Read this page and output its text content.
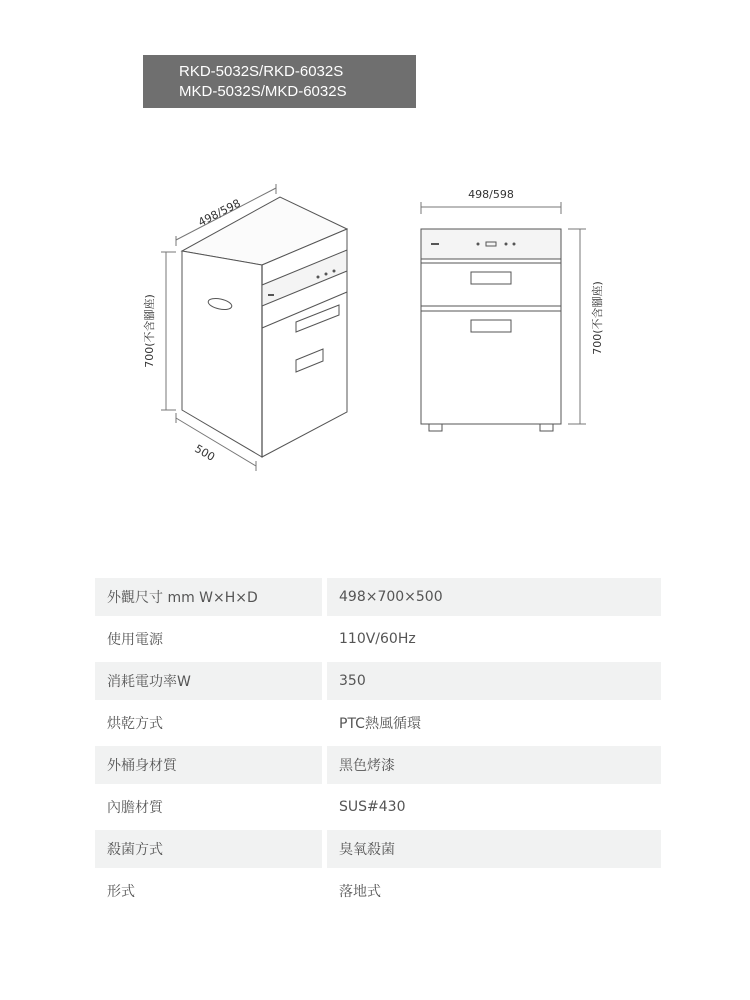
RKD-5032S/RKD-6032S
MKD-5032S/MKD-6032S
498/598
700(不含腳座)
500
498/598
700(不含腳座)
外觀尺寸 mm W×H×D		498×700×500
使用電源		110V/60Hz
消耗電功率W		350
烘乾方式		PTC熱風循環
外桶身材質		黑色烤漆
內膽材質		SUS#430
殺菌方式		臭氧殺菌
形式		落地式
